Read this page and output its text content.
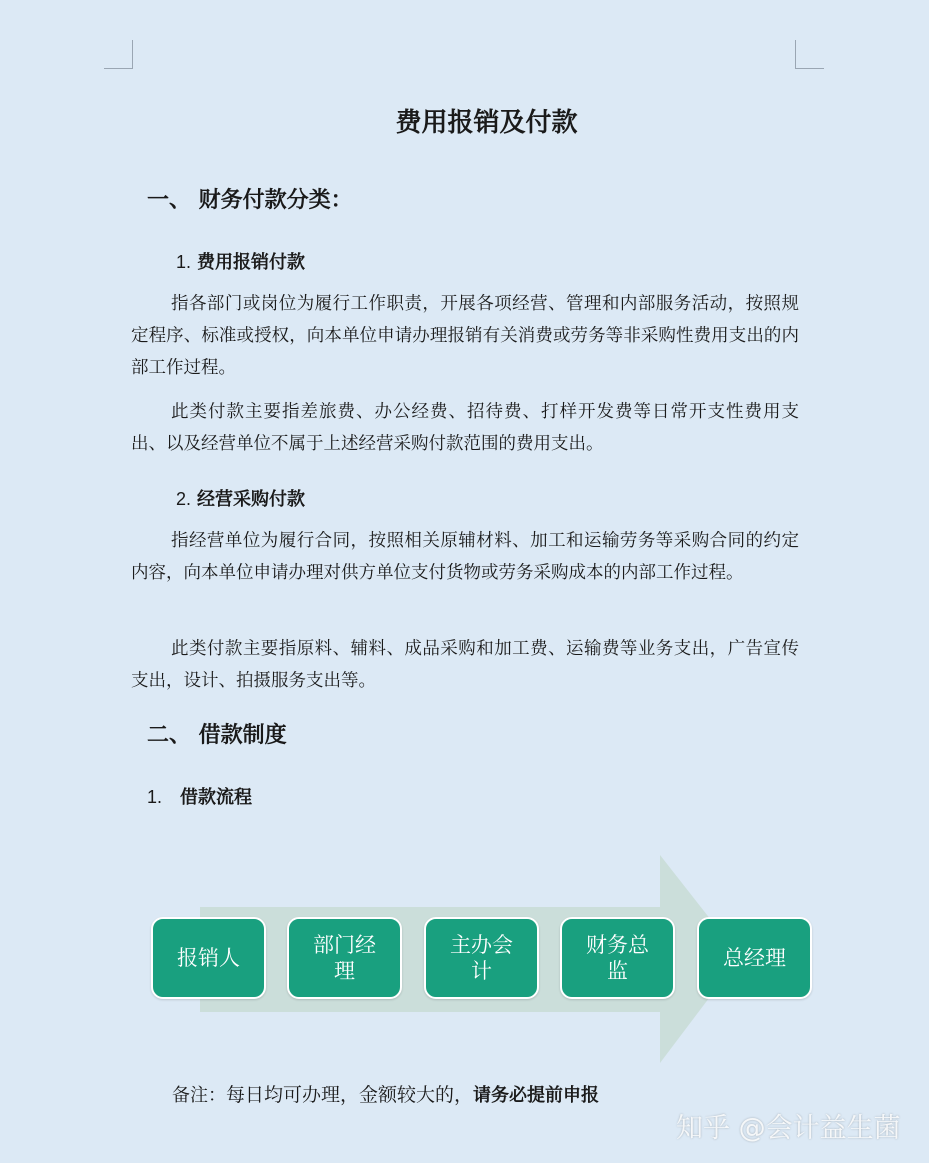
费用报销及付款
一、 财务付款分类：
1. 费用报销付款

指各部门或岗位为履行工作职责，开展各项经营、管理和内部服务活动，按照规定程序、标准或授权，向本单位申请办理报销有关消费或劳务等非采购性费用支出的内部工作过程。

此类付款主要指差旅费、办公经费、招待费、打样开发费等日常开支性费用支出、以及经营单位不属于上述经营采购付款范围的费用支出。

2. 经营采购付款

指经营单位为履行合同，按照相关原辅材料、加工和运输劳务等采购合同的约定内容，向本单位申请办理对供方单位支付货物或劳务采购成本的内部工作过程。

此类付款主要指原料、辅料、成品采购和加工费、运输费等业务支出，广告宣传支出，设计、拍摄服务支出等。

二、 借款制度
1. 借款流程
报销人
部门经理
主办会计
财务总监
总经理
备注：每日均可办理，金额较大的，请务必提前申报
知乎 @会计益生菌
